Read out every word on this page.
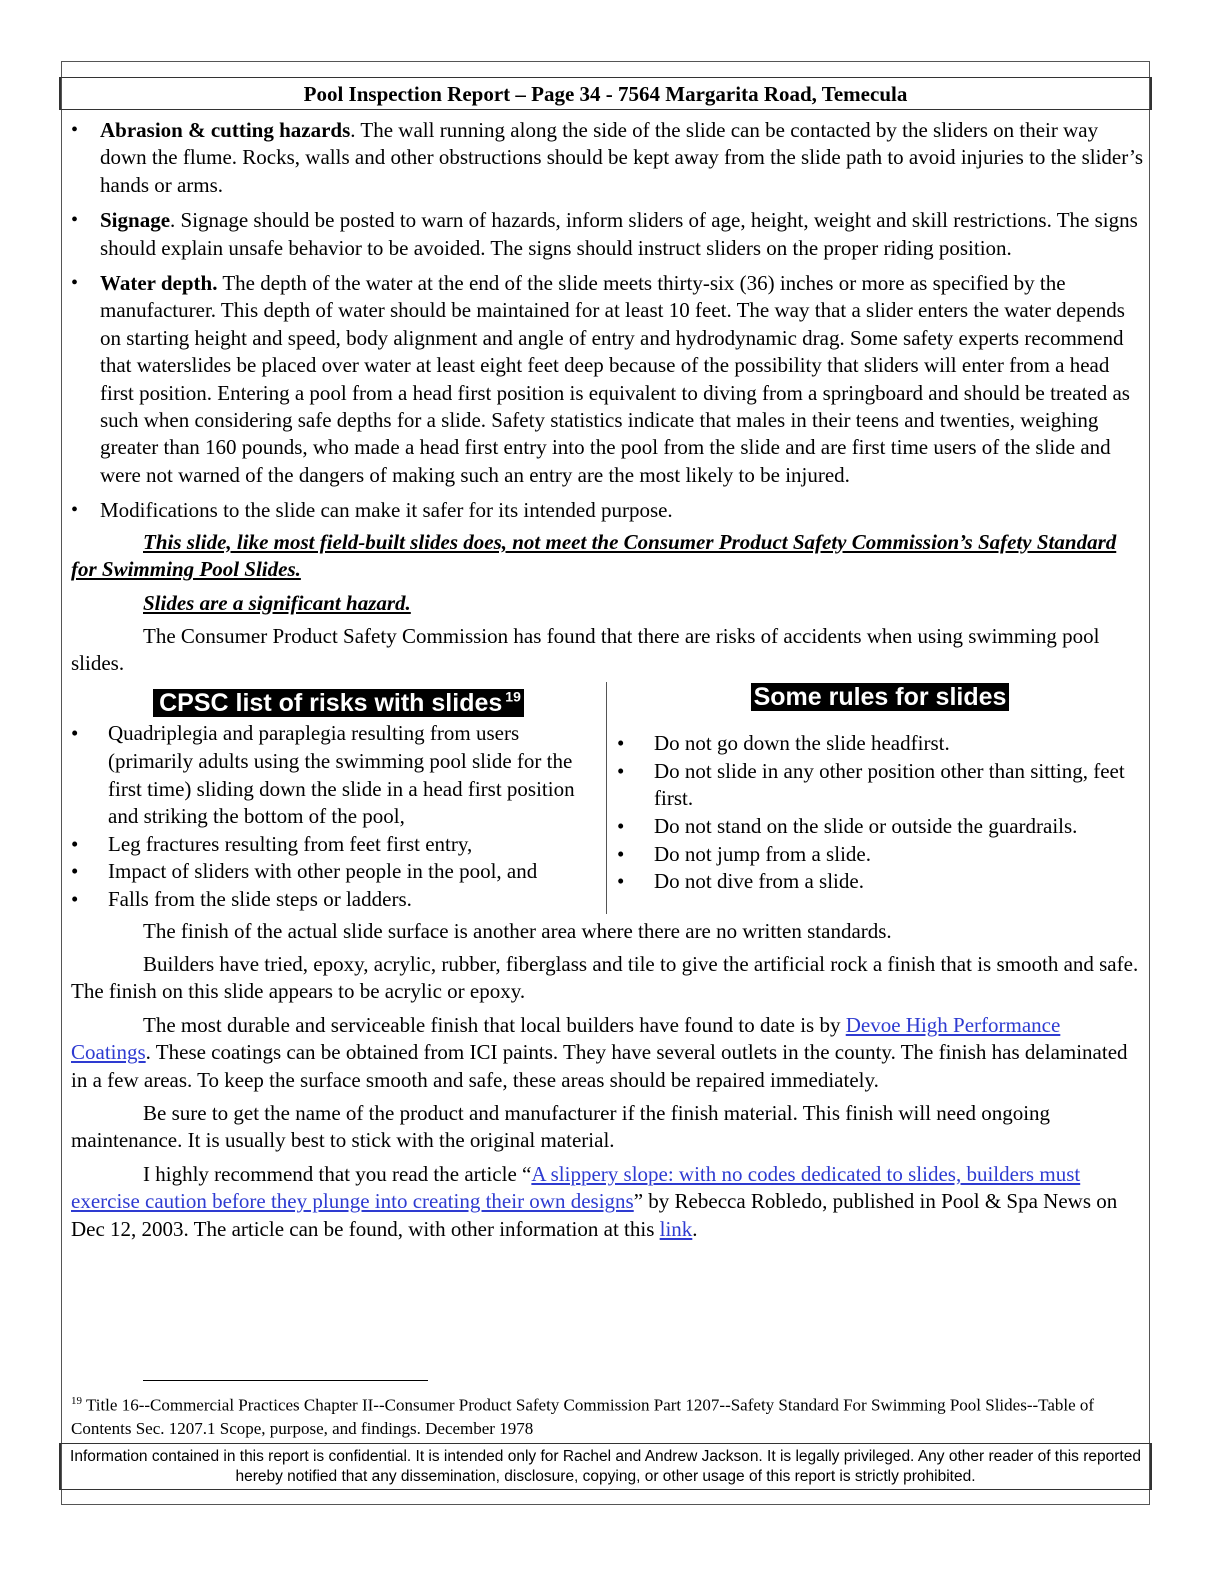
Pool Inspection Report – Page 34 - 7564 Margarita Road, Temecula
• Abrasion & cutting hazards. The wall running along the side of the slide can be contacted by the sliders on their way down the flume. Rocks, walls and other obstructions should be kept away from the slide path to avoid injuries to the slider’s hands or arms.
• Signage. Signage should be posted to warn of hazards, inform sliders of age, height, weight and skill restrictions. The signs should explain unsafe behavior to be avoided. The signs should instruct sliders on the proper riding position.
• Water depth. The depth of the water at the end of the slide meets thirty-six (36) inches or more as specified by the manufacturer. This depth of water should be maintained for at least 10 feet. The way that a slider enters the water depends on starting height and speed, body alignment and angle of entry and hydrodynamic drag. Some safety experts recommend that waterslides be placed over water at least eight feet deep because of the possibility that sliders will enter from a head first position. Entering a pool from a head first position is equivalent to diving from a springboard and should be treated as such when considering safe depths for a slide. Safety statistics indicate that males in their teens and twenties, weighing greater than 160 pounds, who made a head first entry into the pool from the slide and are first time users of the slide and were not warned of the dangers of making such an entry are the most likely to be injured.
• Modifications to the slide can make it safer for its intended purpose.

This slide, like most field-built slides does, not meet the Consumer Product Safety Commission’s Safety Standard for Swimming Pool Slides.

Slides are a significant hazard.

The Consumer Product Safety Commission has found that there are risks of accidents when using swimming pool slides.

CPSC list of risks with slides $^{19}$
• Quadriplegia and paraplegia resulting from users (primarily adults using the swimming pool slide for the first time) sliding down the slide in a head first position and striking the bottom of the pool,
• Leg fractures resulting from feet first entry,
• Impact of sliders with other people in the pool, and
• Falls from the slide steps or ladders.
Some rules for slides
• Do not go down the slide headfirst.
• Do not slide in any other position other than sitting, feet first.
• Do not stand on the slide or outside the guardrails.
• Do not jump from a slide.
• Do not dive from a slide.

The finish of the actual slide surface is another area where there are no written standards.

Builders have tried, epoxy, acrylic, rubber, fiberglass and tile to give the artificial rock a finish that is smooth and safe. The finish on this slide appears to be acrylic or epoxy.

The most durable and serviceable finish that local builders have found to date is by Devoe High Performance Coatings. These coatings can be obtained from ICI paints. They have several outlets in the county. The finish has delaminated in a few areas. To keep the surface smooth and safe, these areas should be repaired immediately.

Be sure to get the name of the product and manufacturer if the finish material. This finish will need ongoing maintenance. It is usually best to stick with the original material.

I highly recommend that you read the article “A slippery slope: with no codes dedicated to slides, builders must exercise caution before they plunge into creating their own designs” by Rebecca Robledo, published in Pool & Spa News on Dec 12, 2003. The article can be found, with other information at this link.

$^{19}$ Title 16--Commercial Practices Chapter II--Consumer Product Safety Commission Part 1207--Safety Standard For Swimming Pool Slides--Table of Contents Sec. 1207.1 Scope, purpose, and findings. December 1978
Information contained in this report is confidential. It is intended only for Rachel and Andrew Jackson. It is legally privileged. Any other reader of this reported hereby notified that any dissemination, disclosure, copying, or other usage of this report is strictly prohibited.
